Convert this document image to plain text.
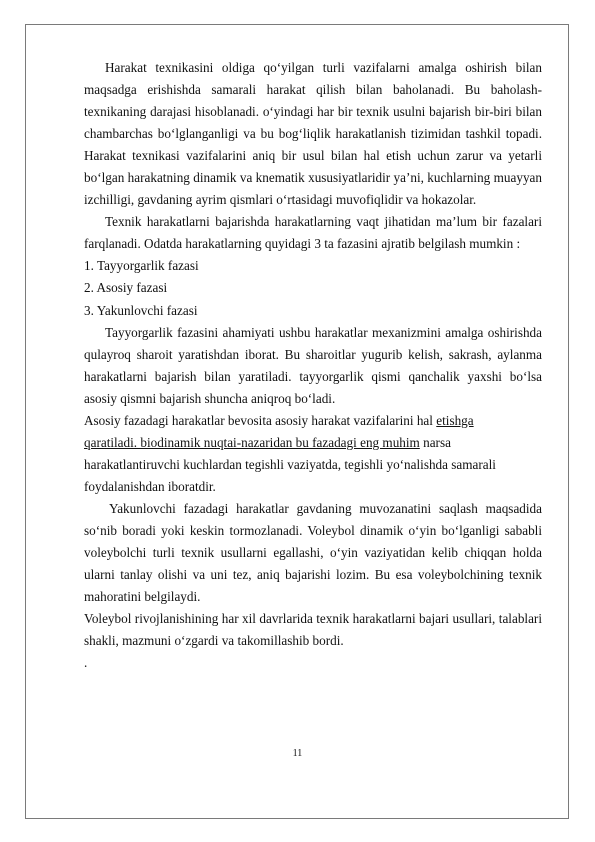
Harakat texnikasini oldiga qo‘yilgan turli vazifalarni amalga oshirish bilan maqsadga erishishda samarali harakat qilish bilan baholanadi. Bu baholash-texnikaning darajasi hisoblanadi. o‘yindagi har bir texnik usulni bajarish bir-biri bilan chambarchas bo‘lglanganligi va bu bog‘liqlik harakatlanish tizimidan tashkil topadi. Harakat texnikasi vazifalarini aniq bir usul bilan hal etish uchun zarur va yetarli bo‘lgan harakatning dinamik va knematik xususiyatlaridir ya’ni, kuchlarning muayyan izchilligi, gavdaning ayrim qismlari o‘rtasidagi muvofiqlidir va hokazolar.

Texnik harakatlarni bajarishda harakatlarning vaqt jihatidan ma’lum bir fazalari farqlanadi. Odatda harakatlarning quyidagi 3 ta fazasini ajratib belgilash mumkin :

1. Tayyorgarlik fazasi

2. Asosiy fazasi

3. Yakunlovchi fazasi

Tayyorgarlik fazasini ahamiyati ushbu harakatlar mexanizmini amalga oshirishda qulayroq sharoit yaratishdan iborat. Bu sharoitlar yugurib kelish, sakrash, aylanma harakatlarni bajarish bilan yaratiladi. tayyorgarlik qismi qanchalik yaxshi bo‘lsa asosiy qismni bajarish shuncha aniqroq bo‘ladi.

Asosiy fazadagi harakatlar bevosita asosiy harakat vazifalarini hal etishga
qaratiladi. biodinamik nuqtai-nazaridan bu fazadagi eng muhim narsa harakatlantiruvchi kuchlardan tegishli vaziyatda, tegishli yo‘nalishda samarali foydalanishdan iboratdir.

Yakunlovchi fazadagi harakatlar gavdaning muvozanatini saqlash maqsadida so‘nib boradi yoki keskin tormozlanadi. Voleybol dinamik o‘yin bo‘lganligi sababli voleybolchi turli texnik usullarni egallashi, o‘yin vaziyatidan kelib chiqqan holda ularni tanlay olishi va uni tez, aniq bajarishi lozim. Bu esa voleybolchining texnik mahoratini belgilaydi.

Voleybol rivojlanishining har xil davrlarida texnik harakatlarni bajari usullari, talablari shakli, mazmuni o‘zgardi va takomillashib bordi.

.

11
